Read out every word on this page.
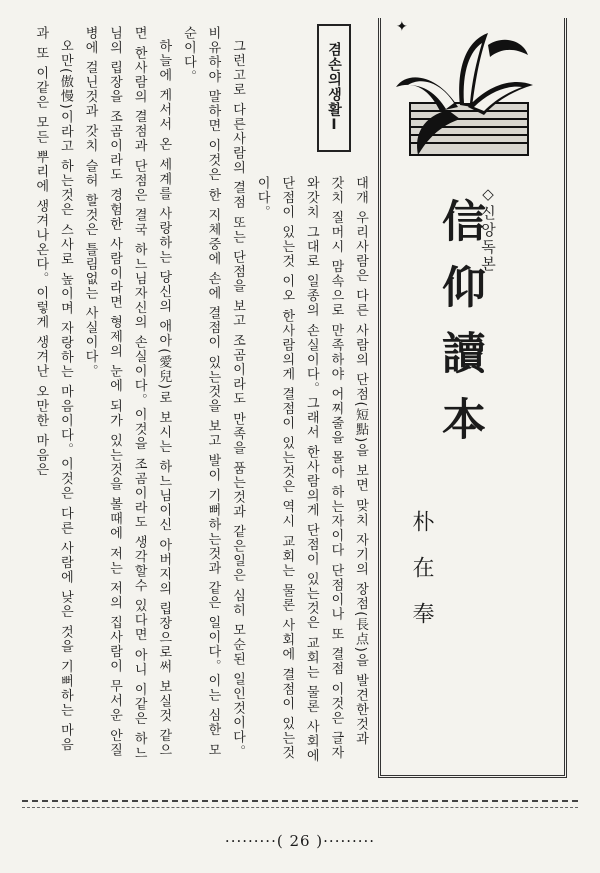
✦
◇신앙독본
信仰讀本
朴在奉
겸손의생활Ⅰ

대개 우리사람은 다른 사람의 단점(短點)을 보면 맞치 자기의 장점(長点)을 발견한것과 갓치 질머시 맘속으로 만족하야 어찌줄을 몰아 하는자이다 단점이나 또 결점 이것은 글자와갓치 그대로 일종의 손실이다。그래서 한사람의게 단점이 있는것은 교회는 물론 사회에 단점이 있는것 이오 한사람의게 결점이 있는것은 역시 교회는 물론 사회에 결점이 있는것이다。

그런고로 다른사람의 결점 또는 단점을 보고 조곰이라도 만족을 품는것과 같은일은 심히 모순된 일인것이다。비유하야 말하면 이것은 한 지체중에 손에 결점이 있는것을 보고 발이 기뻐하는것과 같은 일이다。이는 심한 모순이다。

하늘에 게서서 온 세계를 사랑하는 당신의 애아(愛兒)로 보시는 하느님이신 아버지의 립장으로써 보실것 같으면 한사람의 결점과 단점은 결국 하느님자신의 손실이다。이것을 조곰이라도 생각할수 있다면 아니 이같은 하느님의 립장을 조곰이라도 경험한 사람이라면 형제의 눈에 되가 있는것을 볼때에 저는 저의 집사람이 무서운 안질병에 걸닌것과 갓치 슬허 할것은 틀림없는 사실이다。

오만(傲慢)이라고 하는것은 스사로 높이며 자랑하는 마음이다。이것은 다른 사람에 낮은 것을 기뻐하는 마음과 또 이같은 모든 뿌리에 생겨나온다。이렇게 생겨난 오만한 마음은

·········( 26 )·········
